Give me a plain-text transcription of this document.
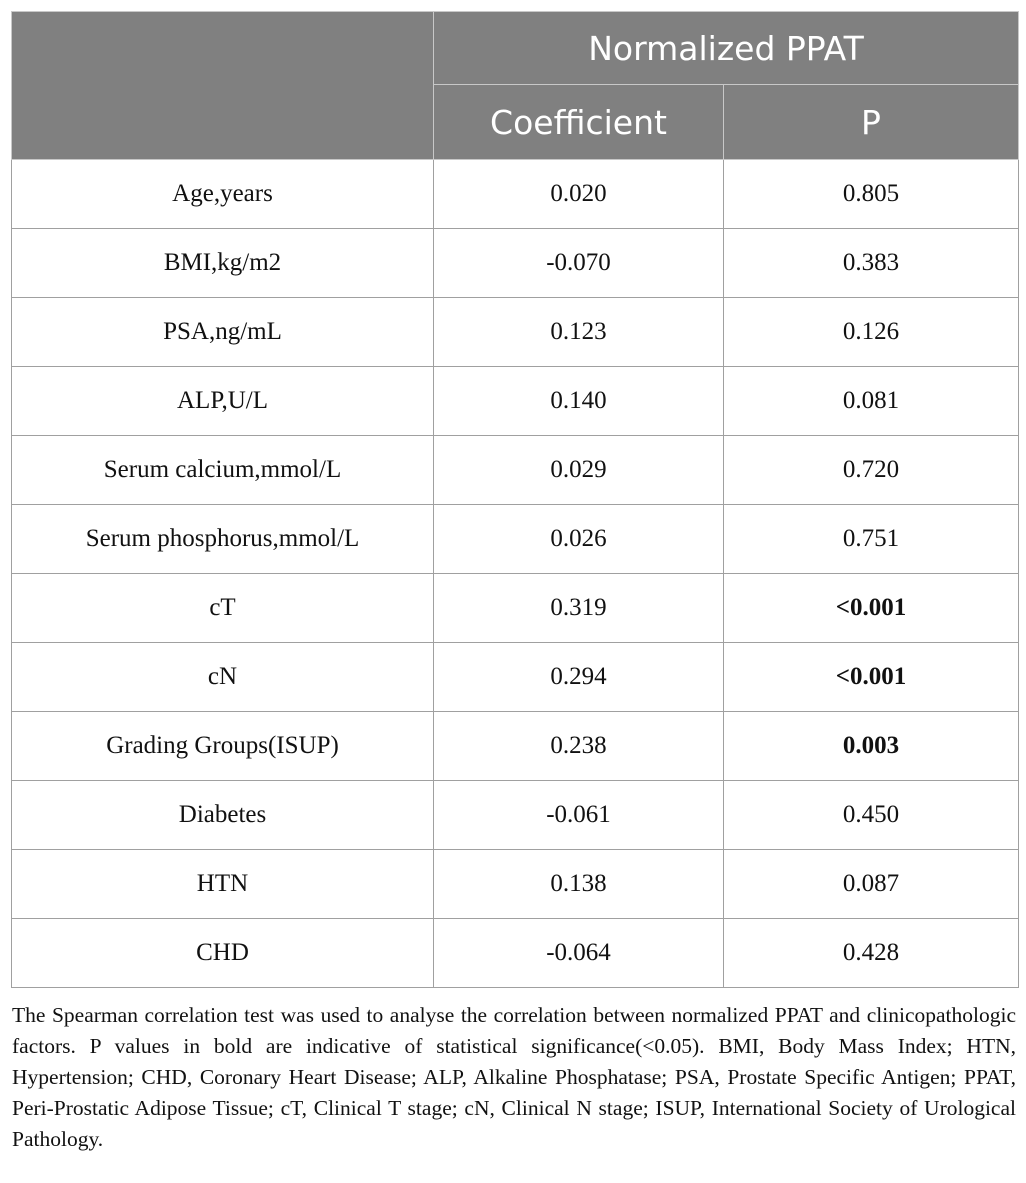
	Normalized PPAT	
	Coefficient	P
Age,years	0.020	0.805
BMI,kg/m2	-0.070	0.383
PSA,ng/mL	0.123	0.126
ALP,U/L	0.140	0.081
Serum calcium,mmol/L	0.029	0.720
Serum phosphorus,mmol/L	0.026	0.751
cT	0.319	<0.001
cN	0.294	<0.001
Grading Groups(ISUP)	0.238	0.003
Diabetes	-0.061	0.450
HTN	0.138	0.087
CHD	-0.064	0.428
The Spearman correlation test was used to analyse the correlation between normalized PPAT and clinicopathologic factors. P values in bold are indicative of statistical significance(<0.05). BMI, Body Mass Index; HTN, Hypertension; CHD, Coronary Heart Disease; ALP, Alkaline Phosphatase; PSA, Prostate Specific Antigen; PPAT, Peri-Prostatic Adipose Tissue; cT, Clinical T stage; cN, Clinical N stage; ISUP, International Society of Urological Pathology.
